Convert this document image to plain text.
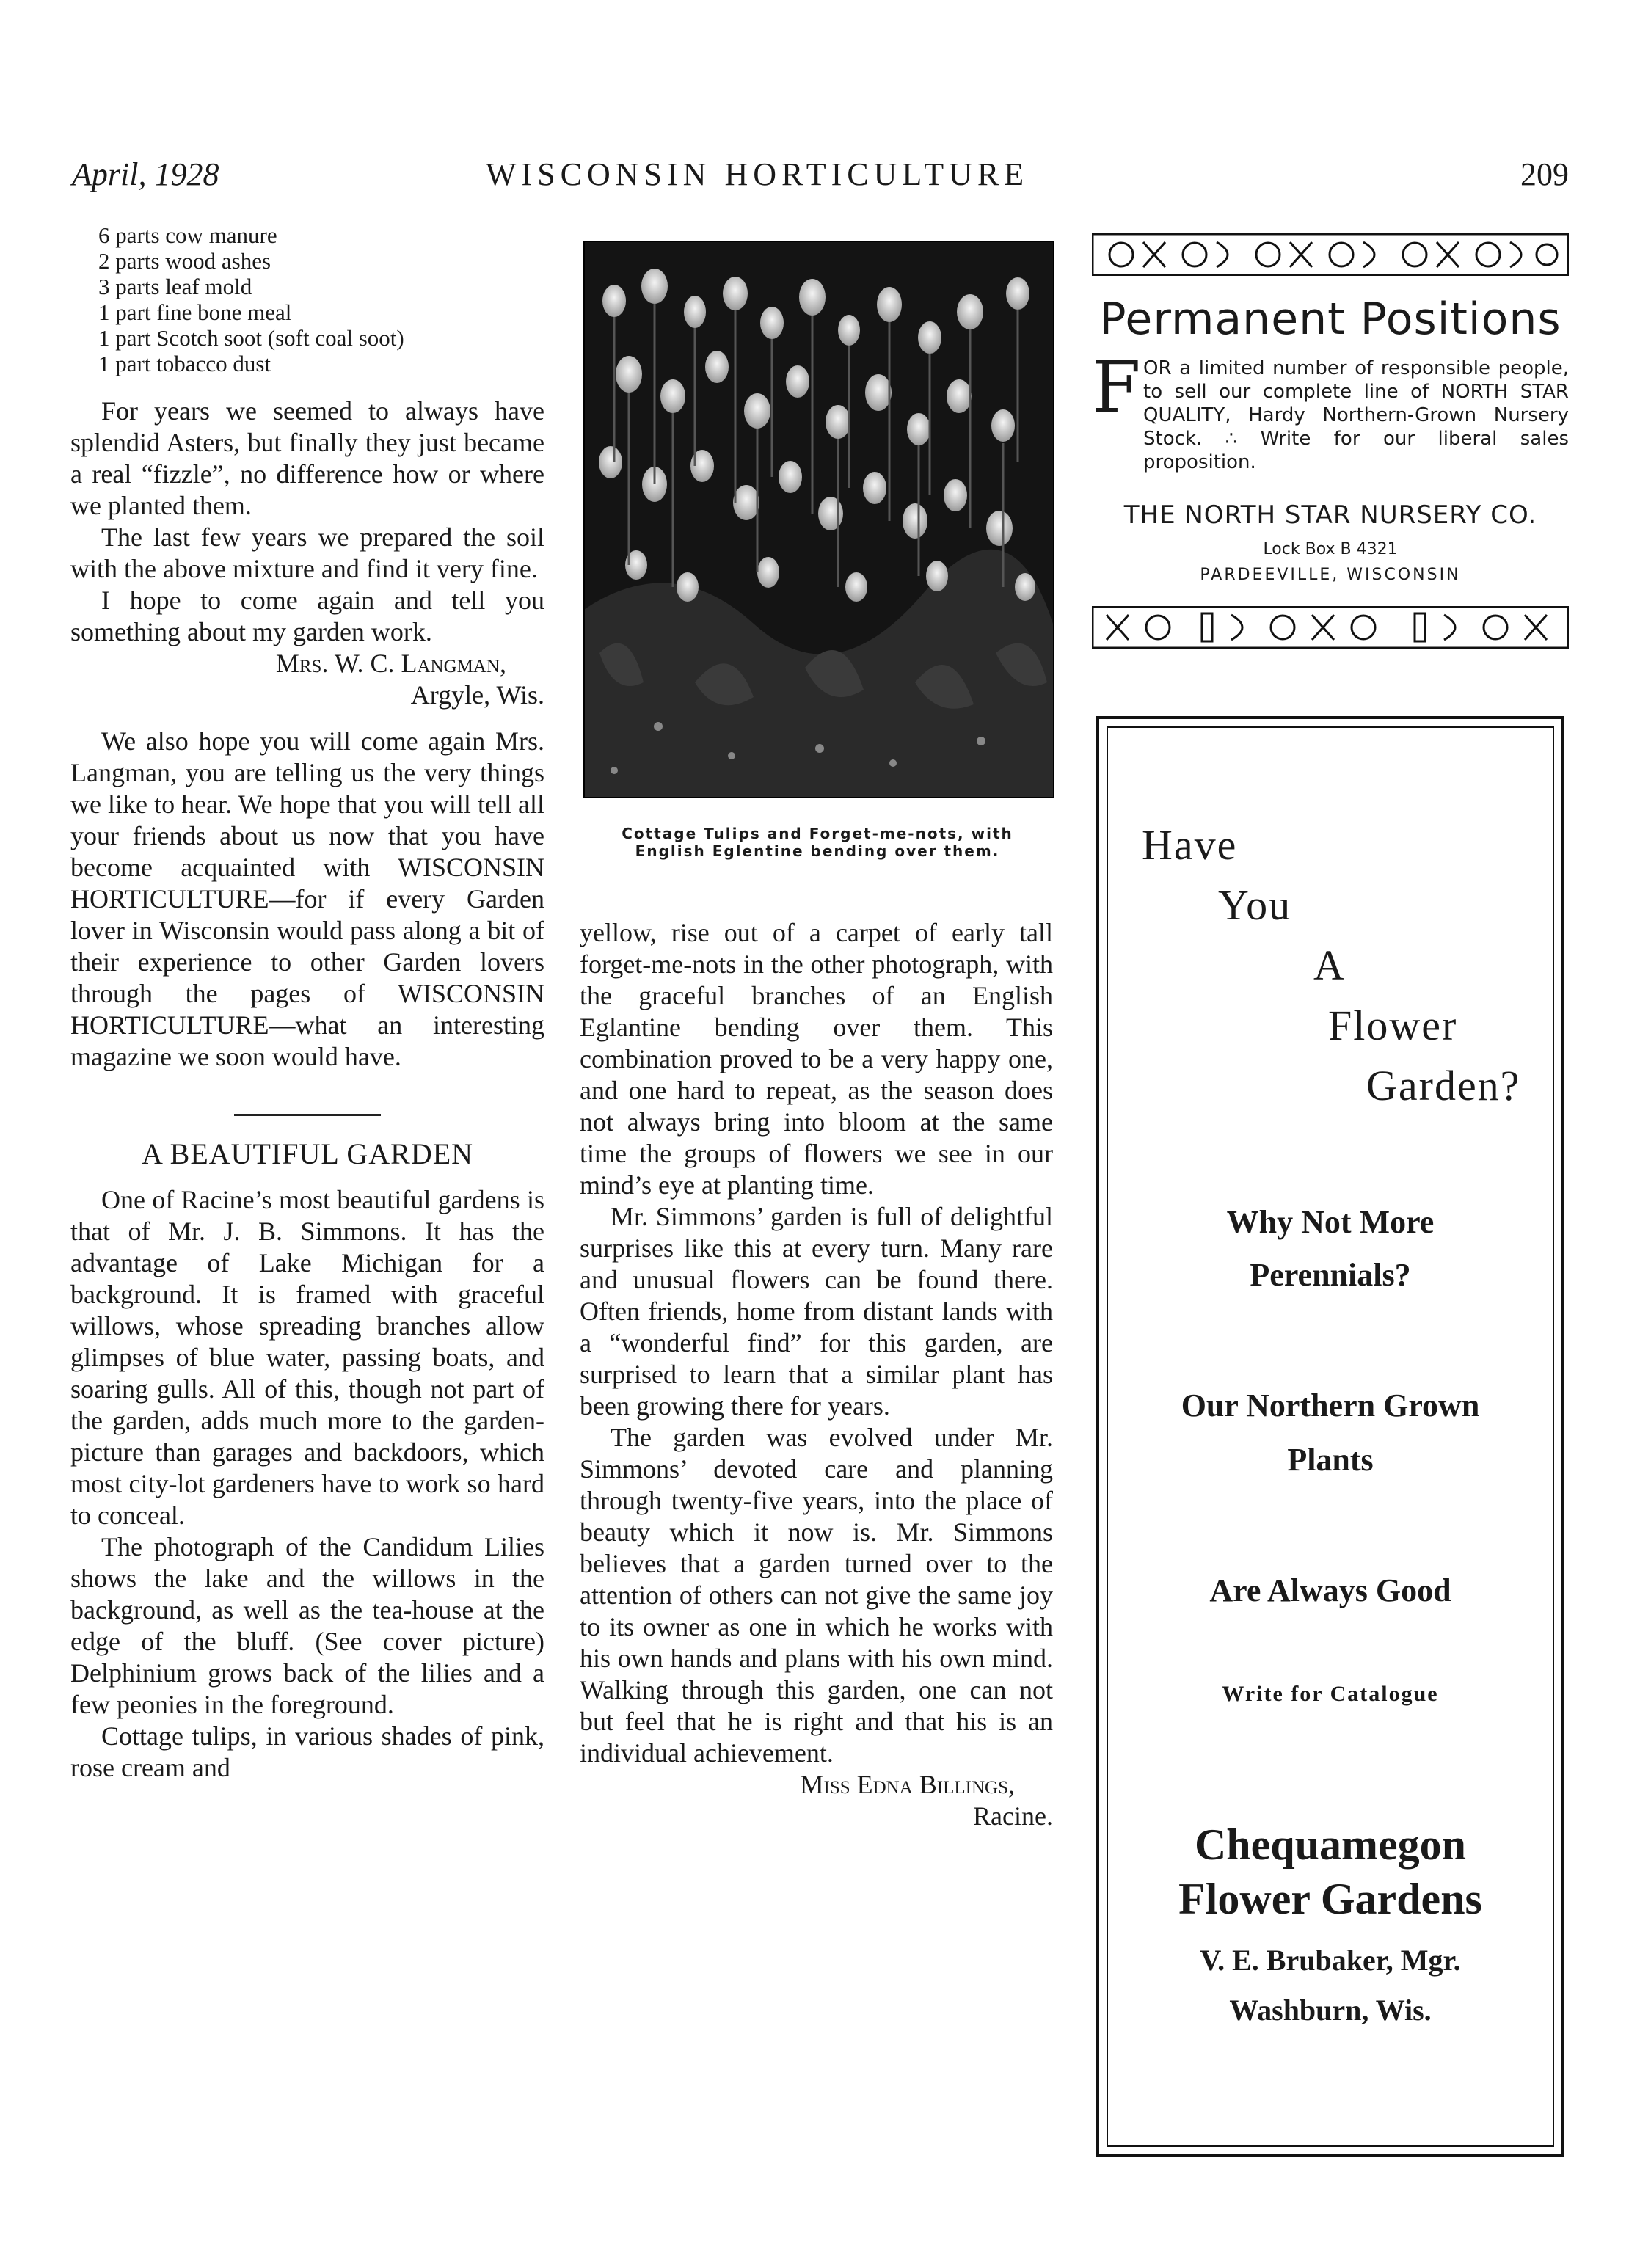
April, 1928	WISCONSIN HORTICULTURE	209
6 parts cow manure
2 parts wood ashes
3 parts leaf mold
1 part fine bone meal
1 part Scotch soot (soft coal soot)
1 part tobacco dust

For years we seemed to always have splendid Asters, but finally they just became a real “fizzle”, no difference how or where we planted them.

The last few years we prepared the soil with the above mixture and find it very fine.

I hope to come again and tell you something about my garden work.

Mrs. W. C. Langman,
Argyle, Wis.

We also hope you will come again Mrs. Langman, you are telling us the very things we like to hear. We hope that you will tell all your friends about us now that you have become acquainted with WISCONSIN HORTICULTURE—for if every Garden lover in Wisconsin would pass along a bit of their experience to other Garden lovers through the pages of WISCONSIN HORTICULTURE—what an interesting magazine we soon would have.

A BEAUTIFUL GARDEN

One of Racine’s most beautiful gardens is that of Mr. J. B. Simmons. It has the advantage of Lake Michigan for a background. It is framed with graceful willows, whose spreading branches allow glimpses of blue water, passing boats, and soaring gulls. All of this, though not part of the garden, adds much more to the garden-picture than garages and backdoors, which most city-lot gardeners have to work so hard to conceal.

The photograph of the Candidum Lilies shows the lake and the willows in the background, as well as the tea-house at the edge of the bluff. (See cover picture) Delphinium grows back of the lilies and a few peonies in the foreground.

Cottage tulips, in various shades of pink, rose cream and

Cottage Tulips and Forget-me-nots, with English Eglentine bending over them.

yellow, rise out of a carpet of early tall forget-me-nots in the other photograph, with the graceful branches of an English Eglantine bending over them. This combination proved to be a very happy one, and one hard to repeat, as the season does not always bring into bloom at the same time the groups of flowers we see in our mind’s eye at planting time.

Mr. Simmons’ garden is full of delightful surprises like this at every turn. Many rare and unusual flowers can be found there. Often friends, home from distant lands with a “wonderful find” for this garden, are surprised to learn that a similar plant has been growing there for years.

The garden was evolved under Mr. Simmons’ devoted care and planning through twenty-five years, into the place of beauty which it now is. Mr. Simmons believes that a garden turned over to the attention of others can not give the same joy to its owner as one in which he works with his own hands and plans with his own mind. Walking through this garden, one can not but feel that he is right and that his is an individual achievement.

Miss Edna Billings,
Racine.
Permanent Positions
F OR a limited number of responsible people, to sell our complete line of NORTH STAR QUALITY, Hardy Northern-Grown Nursery Stock. ∴ Write for our liberal sales proposition.
THE NORTH STAR NURSERY CO.
Lock Box B 4321
PARDEEVILLE, WISCONSIN
Have
You
A
Flower
Garden?
Why Not More
Perennials?
Our Northern Grown
Plants
Are Always Good
Write for Catalogue
Chequamegon
Flower Gardens
V. E. Brubaker, Mgr.
Washburn, Wis.
